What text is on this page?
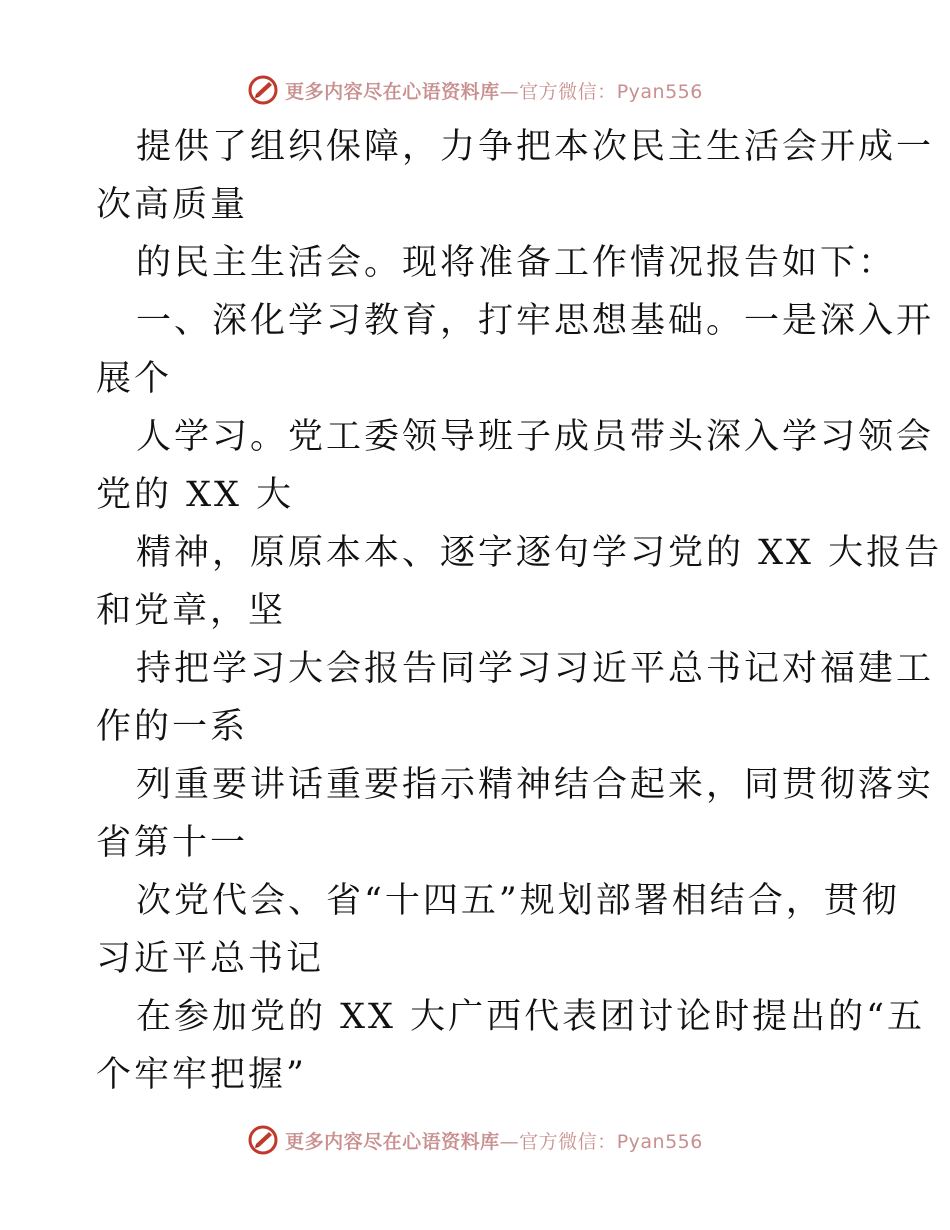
更多内容尽在心语资料库—官方微信：Pyan556
提供了组织保障，力争把本次民主生活会开成一
次高质量
的民主生活会。现将准备工作情况报告如下：
一、深化学习教育，打牢思想基础。一是深入开
展个
人学习。党工委领导班子成员带头深入学习领会
党的 XX 大
精神，原原本本、逐字逐句学习党的 XX 大报告
和党章，坚
持把学习大会报告同学习习近平总书记对福建工
作的一系
列重要讲话重要指示精神结合起来，同贯彻落实
省第十一
次党代会、省“十四五”规划部署相结合，贯彻
习近平总书记
在参加党的 XX 大广西代表团讨论时提出的“五
个牢牢把握”
更多内容尽在心语资料库—官方微信：Pyan556
